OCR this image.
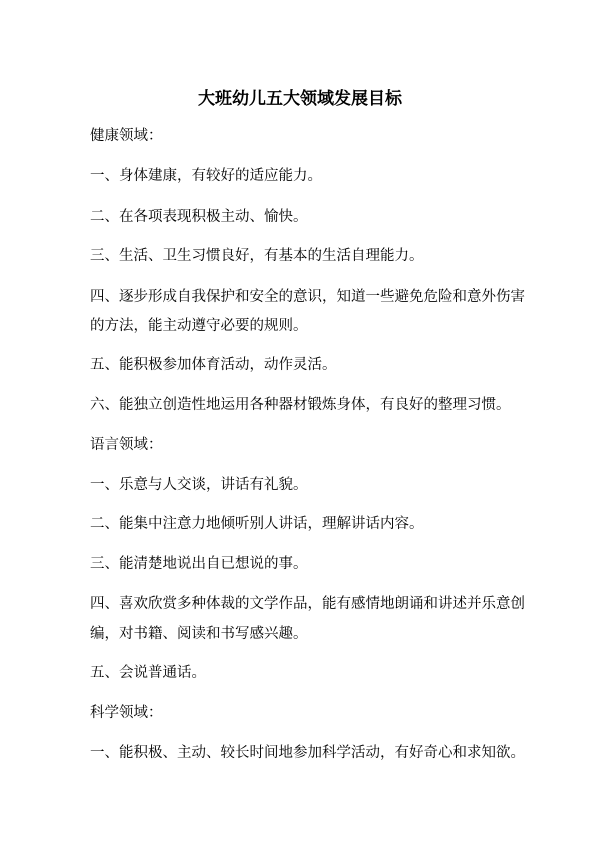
大班幼儿五大领域发展目标
健康领域：
一、身体建康，有较好的适应能力。
二、在各项表现积极主动、愉快。
三、生活、卫生习惯良好，有基本的生活自理能力。
四、逐步形成自我保护和安全的意识，知道一些避免危险和意外伤害
的方法，能主动遵守必要的规则。
五、能积极参加体育活动，动作灵活。
六、能独立创造性地运用各种器材锻炼身体，有良好的整理习惯。
语言领域：
一、乐意与人交谈，讲话有礼貌。
二、能集中注意力地倾听别人讲话，理解讲话内容。
三、能清楚地说出自已想说的事。
四、喜欢欣赏多种体裁的文学作品，能有感情地朗诵和讲述并乐意创
编，对书籍、阅读和书写感兴趣。
五、会说普通话。
科学领域：
一、能积极、主动、较长时间地参加科学活动，有好奇心和求知欲。
